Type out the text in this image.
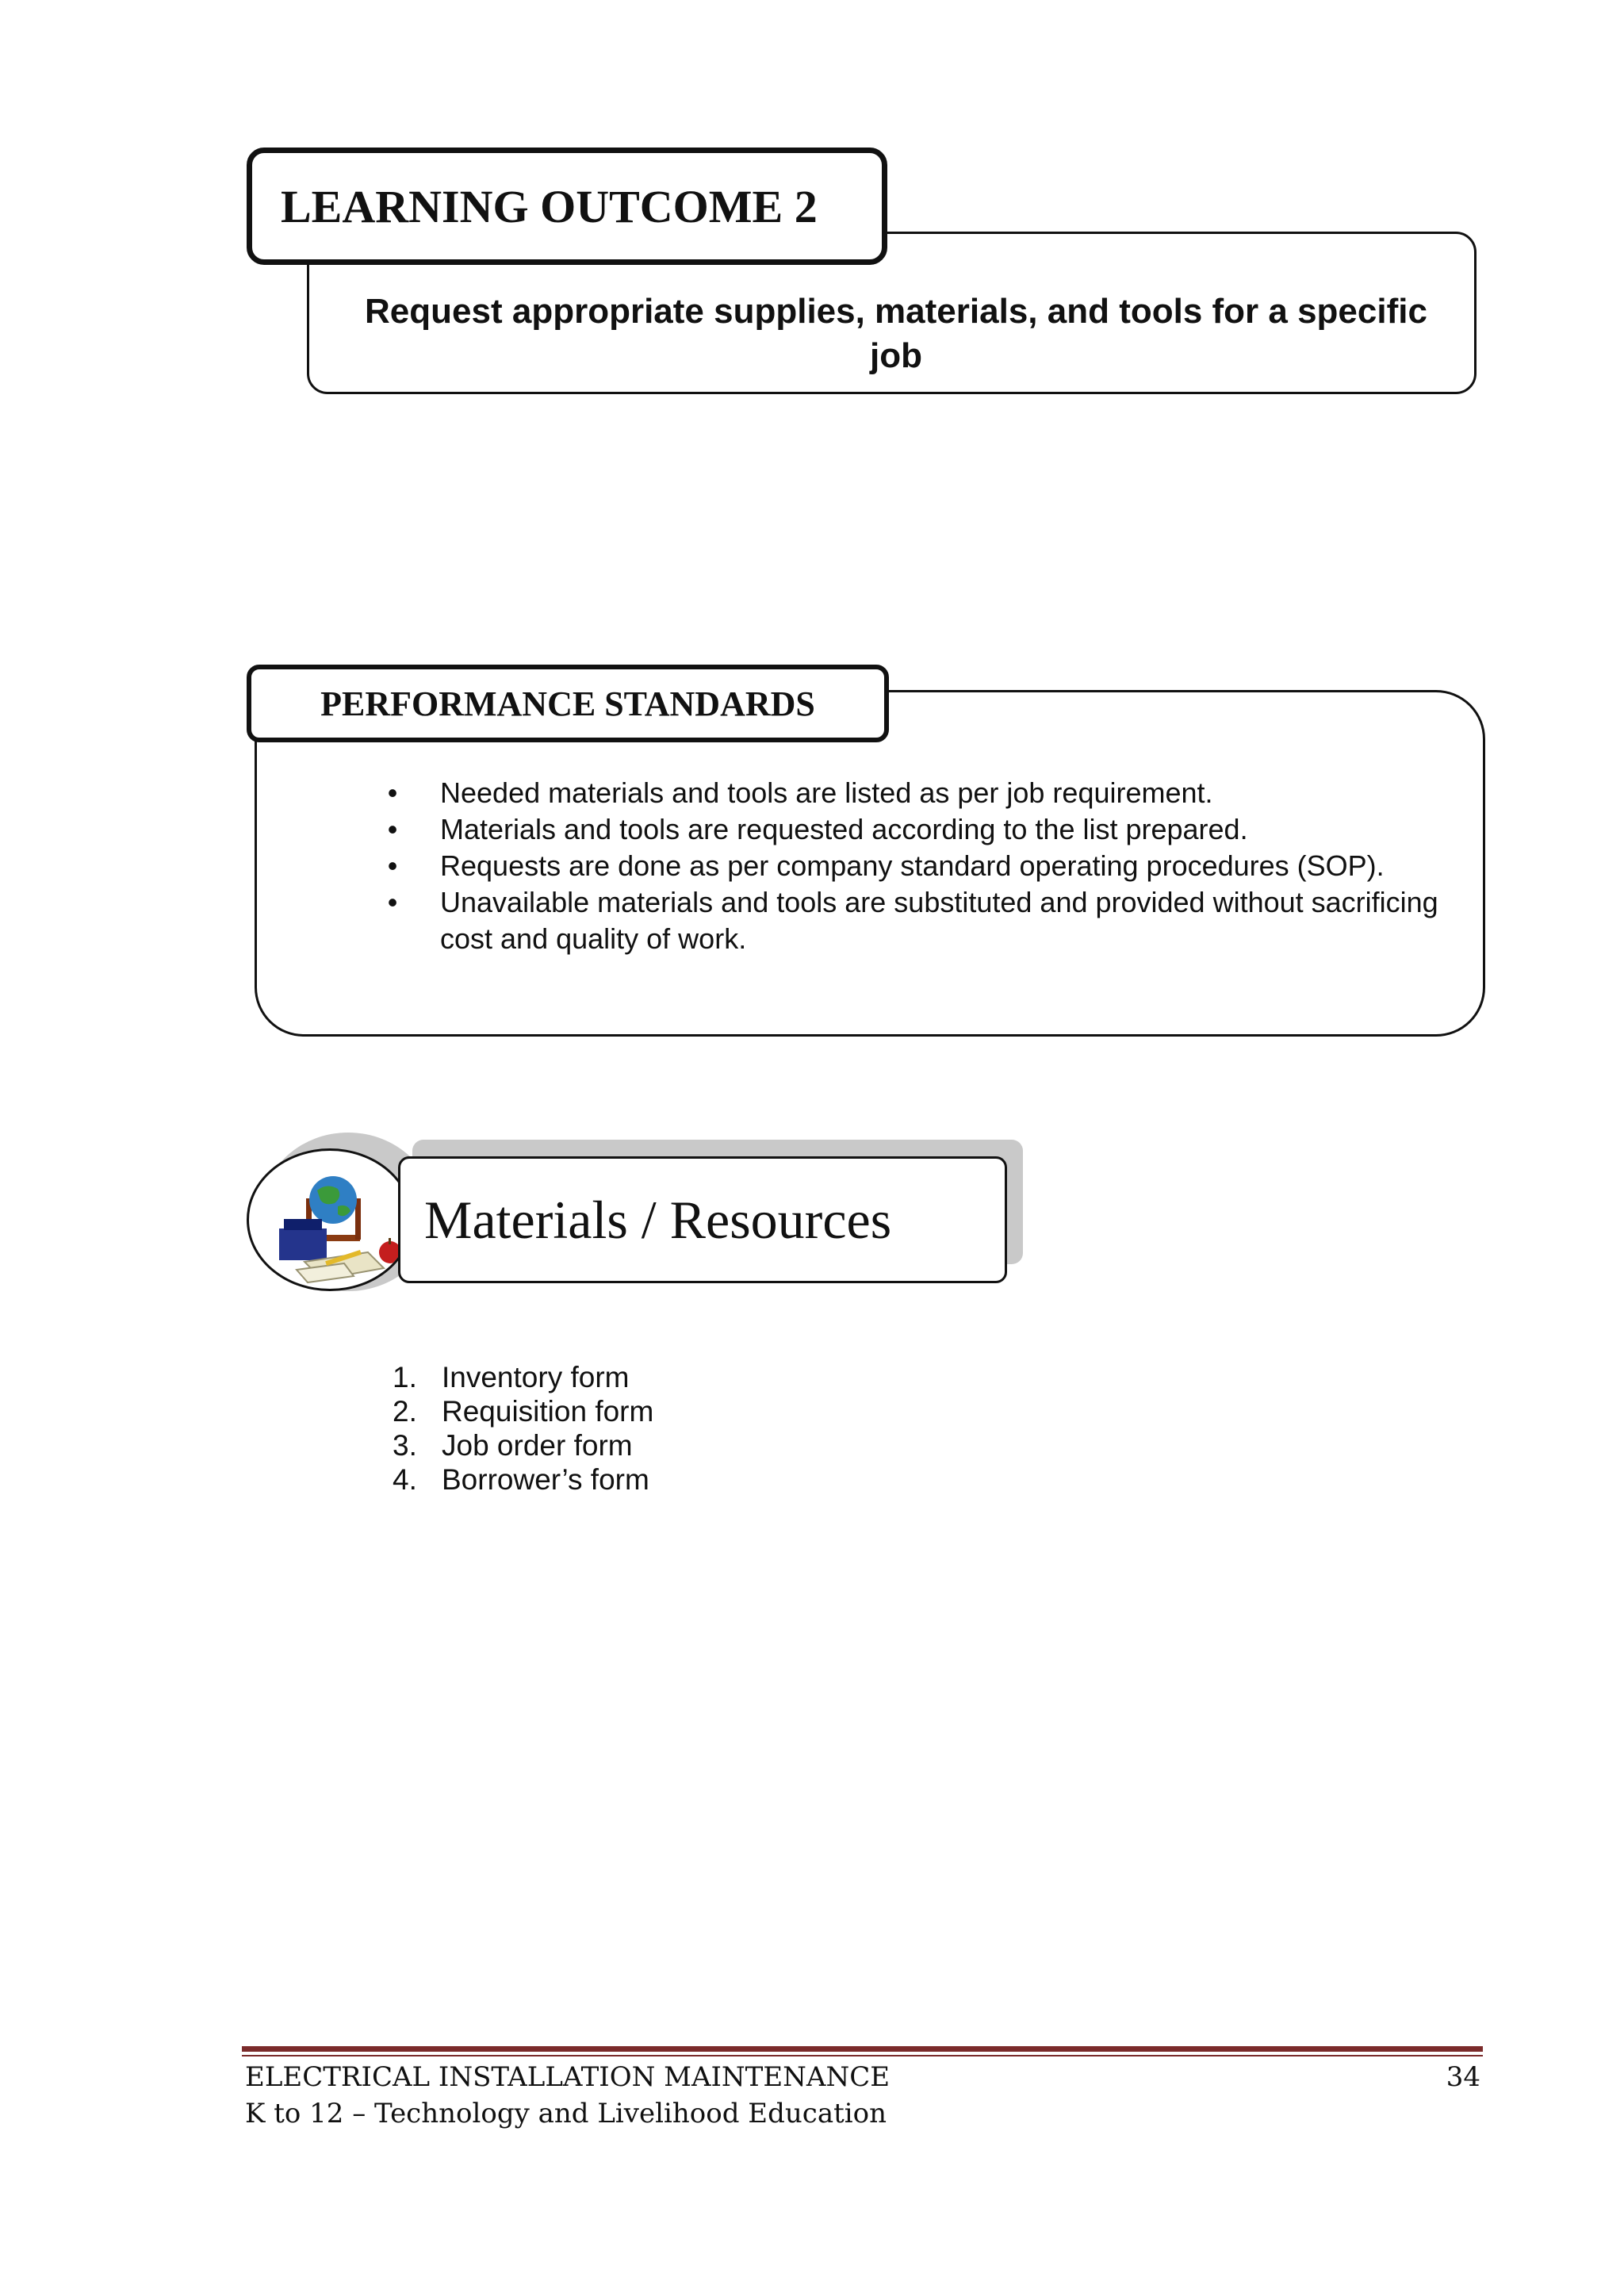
Request appropriate supplies, materials, and tools for a specific job
LEARNING OUTCOME 2
PERFORMANCE STANDARDS
• Needed materials and tools are listed as per job requirement.
• Materials and tools are requested according to the list prepared.
• Requests are done as per company standard operating procedures (SOP).
• Unavailable materials and tools are substituted and provided without sacrificing cost and quality of work.
Materials / Resources
1. Inventory form
2. Requisition form
3. Job order form
4. Borrower’s form
ELECTRICAL INSTALLATION MAINTENANCE
K to 12 – Technology and Livelihood Education
34
